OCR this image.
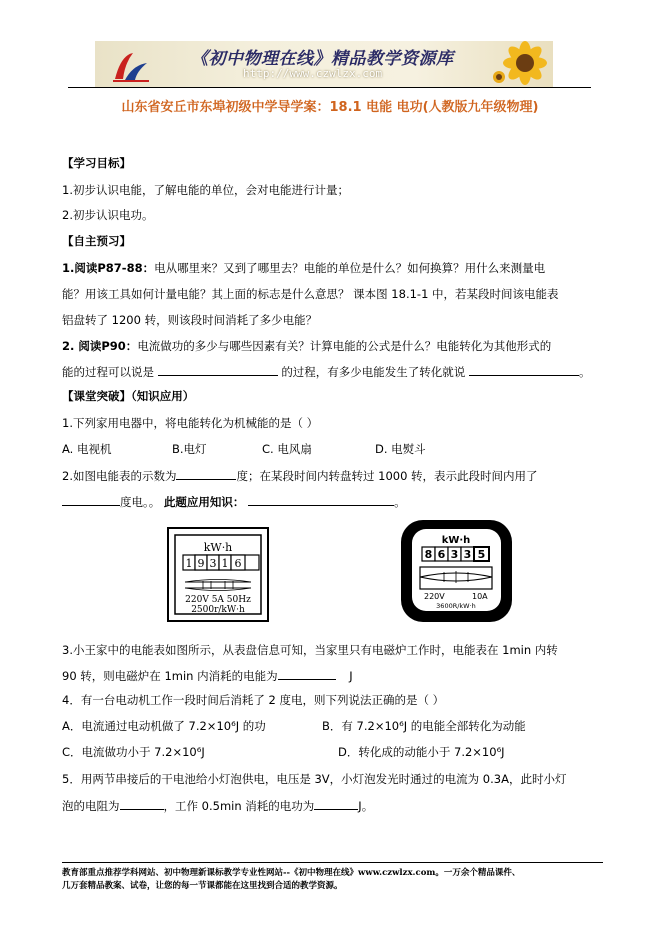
《初中物理在线》精品教学资源库
http://www.czwlzx.com
山东省安丘市东埠初级中学导学案：18.1 电能 电功(人教版九年级物理)
【学习目标】
1.初步认识电能，了解电能的单位，会对电能进行计量；
2.初步认识电功。
【自主预习】
1.阅读P87-88：电从哪里来？又到了哪里去？电能的单位是什么？如何换算？用什么来测量电
能？用该工具如何计量电能？其上面的标志是什么意思？ 课本图 18.1-1 中，若某段时间该电能表
铝盘转了 1200 转，则该段时间消耗了多少电能？
2. 阅读P90：电流做功的多少与哪些因素有关？计算电能的公式是什么？电能转化为其他形式的
能的过程可以说是	的过程，有多少电能发生了转化就说	。
【课堂突破】（知识应用）
1.下列家用电器中，将电能转化为机械能的是（ ）
A. 电视机	B.电灯	C. 电风扇	D. 电熨斗
2.如图电能表的示数为	度；在某段时间内转盘转过 1000 转，表示此段时间内用了
度电。。 此题应用知识：	。
kW·h
1 9 3 1 6
220V 5A 50Hz
2500r/kW·h
kW·h
8 6 3 3 5
220V	10A
3600R/kW·h
3.小王家中的电能表如图所示，从表盘信息可知，当家里只有电磁炉工作时，电能表在 1min 内转
90 转，则电磁炉在 1min 内消耗的电能为	J
4．有一台电动机工作一段时间后消耗了 2 度电，则下列说法正确的是（ ）
A．电流通过电动机做了 7.2×10⁶J 的功	B．有 7.2×10⁶J 的电能全部转化为动能
C．电流做功小于 7.2×10⁶J	D．转化成的动能小于 7.2×10⁶J
5．用两节串接后的干电池给小灯泡供电，电压是 3V，小灯泡发光时通过的电流为 0.3A，此时小灯
泡的电阻为	，工作 0.5min 消耗的电功为	J。
教育部重点推荐学科网站、初中物理新课标教学专业性网站--《初中物理在线》www.czwlzx.com。一万余个精品课件、
几万套精品教案、试卷，让您的每一节课都能在这里找到合适的教学资源。
